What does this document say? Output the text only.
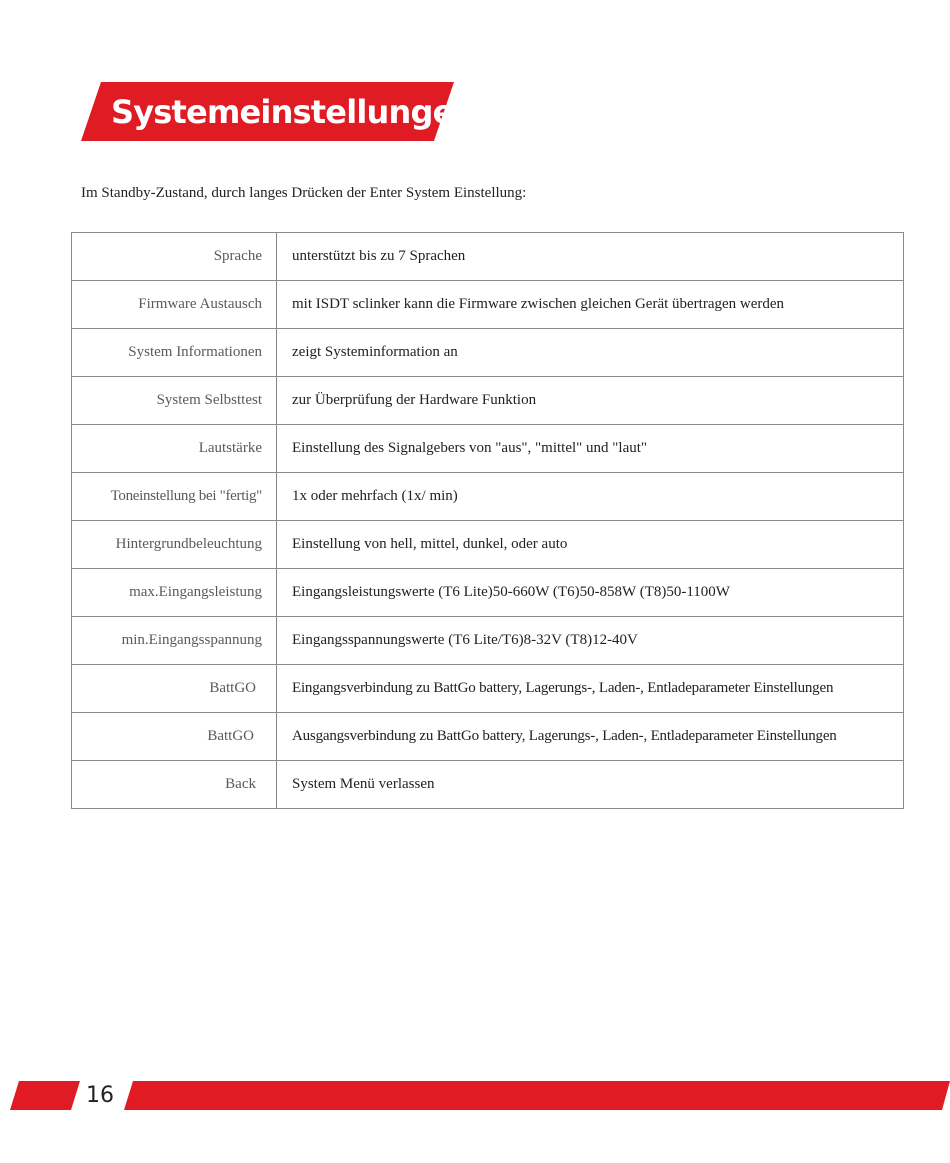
Systemeinstellungen:
Im Standby-Zustand, durch langes Drücken der Enter System Einstellung:
Sprache	unterstützt bis zu 7 Sprachen
Firmware Austausch	mit ISDT sclinker kann die Firmware zwischen gleichen Gerät übertragen werden
System Informationen	zeigt Systeminformation an
System Selbsttest	zur Überprüfung der Hardware Funktion
Lautstärke	Einstellung des Signalgebers von "aus", "mittel" und "laut"
Toneinstellung bei "fertig"	1x oder mehrfach (1x/ min)
Hintergrundbeleuchtung	Einstellung von hell, mittel, dunkel, oder auto
max.Eingangsleistung	Eingangsleistungswerte (T6 Lite)50-660W (T6)50-858W (T8)50-1100W
min.Eingangsspannung	Eingangsspannungswerte (T6 Lite/T6)8-32V (T8)12-40V
BattGO	Eingangsverbindung zu BattGo battery, Lagerungs-, Laden-, Entladeparameter Einstellungen
BattGO	Ausgangsverbindung zu BattGo battery, Lagerungs-, Laden-, Entladeparameter Einstellungen
Back	System Menü verlassen
16
